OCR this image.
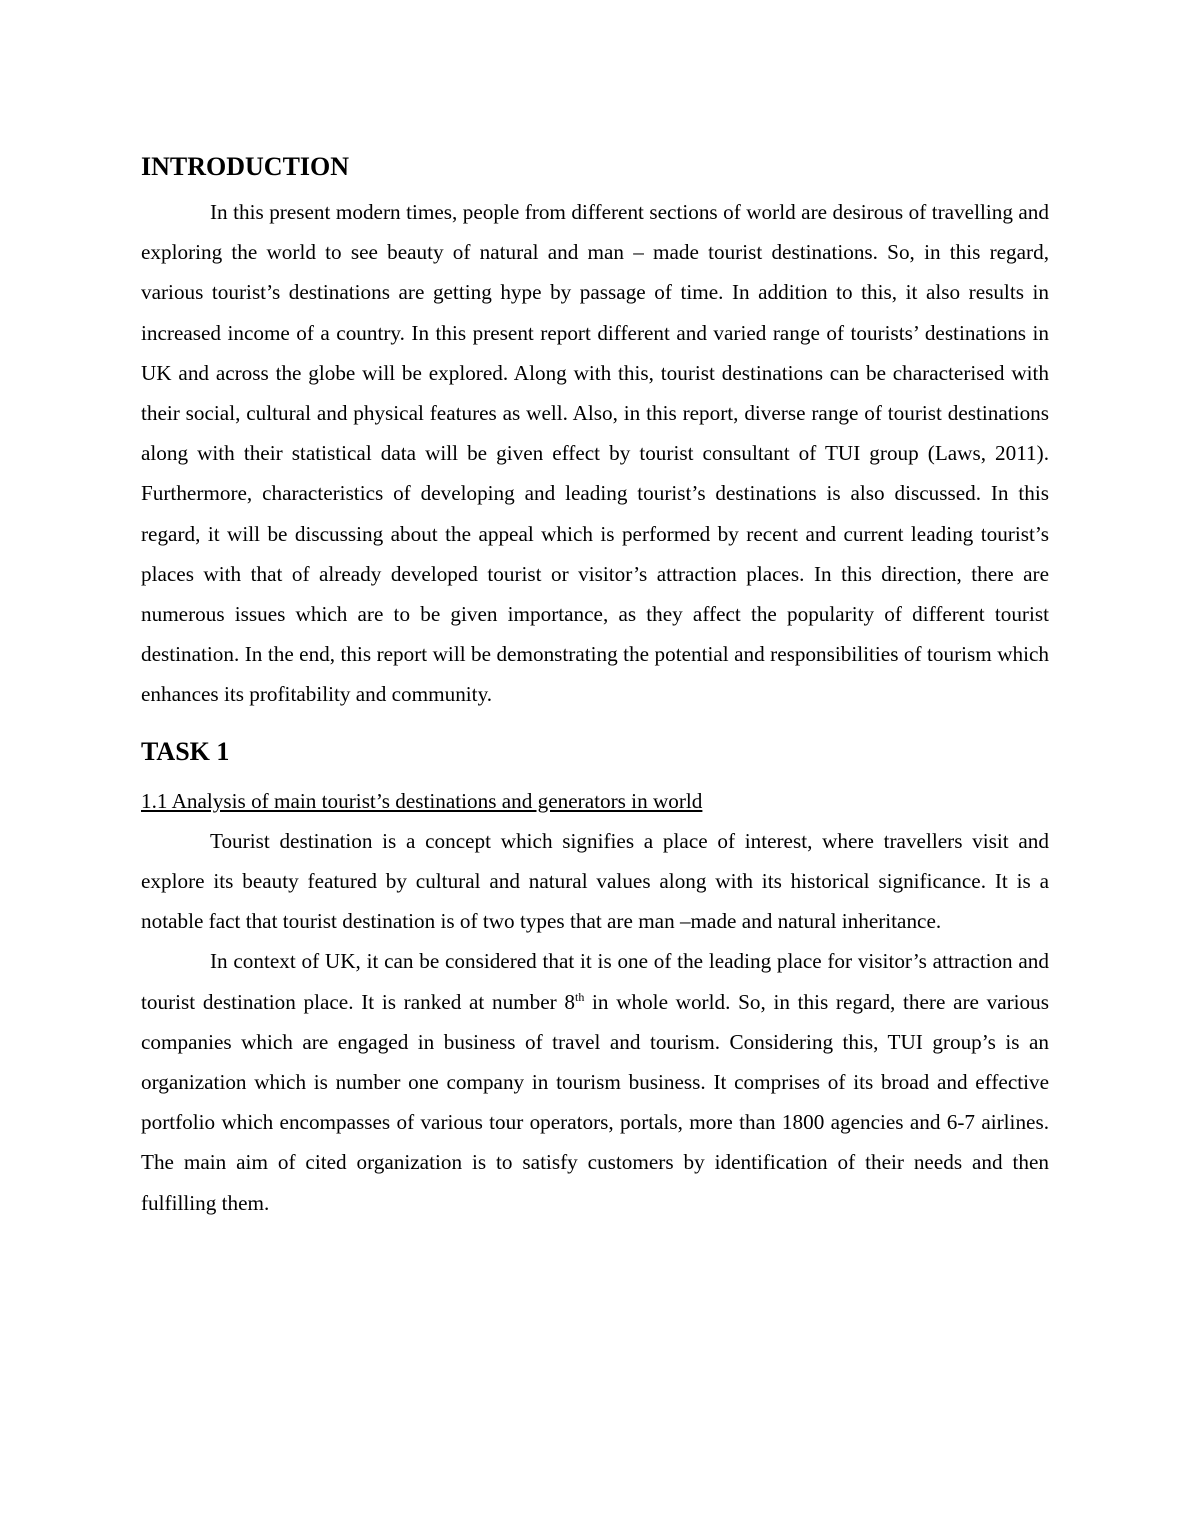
INTRODUCTION

In this present modern times, people from different sections of world are desirous of travelling and exploring the world to see beauty of natural and man – made tourist destinations. So, in this regard, various tourist’s destinations are getting hype by passage of time. In addition to this, it also results in increased income of a country. In this present report different and varied range of tourists’ destinations in UK and across the globe will be explored. Along with this, tourist destinations can be characterised with their social, cultural and physical features as well. Also, in this report, diverse range of tourist destinations along with their statistical data will be given effect by tourist consultant of TUI group (Laws, 2011). Furthermore, characteristics of developing and leading tourist’s destinations is also discussed. In this regard, it will be discussing about the appeal which is performed by recent and current leading tourist’s places with that of already developed tourist or visitor’s attraction places. In this direction, there are numerous issues which are to be given importance, as they affect the popularity of different tourist destination. In the end, this report will be demonstrating the potential and responsibilities of tourism which enhances its profitability and community.

TASK 1

1.1 Analysis of main tourist’s destinations and generators in world

Tourist destination is a concept which signifies a place of interest, where travellers visit and explore its beauty featured by cultural and natural values along with its historical significance. It is a notable fact that tourist destination is of two types that are man –made and natural inheritance.

In context of UK, it can be considered that it is one of the leading place for visitor’s attraction and tourist destination place. It is ranked at number 8th in whole world. So, in this regard, there are various companies which are engaged in business of travel and tourism. Considering this, TUI group’s is an organization which is number one company in tourism business. It comprises of its broad and effective portfolio which encompasses of various tour operators, portals, more than 1800 agencies and 6-7 airlines. The main aim of cited organization is to satisfy customers by identification of their needs and then fulfilling them.
